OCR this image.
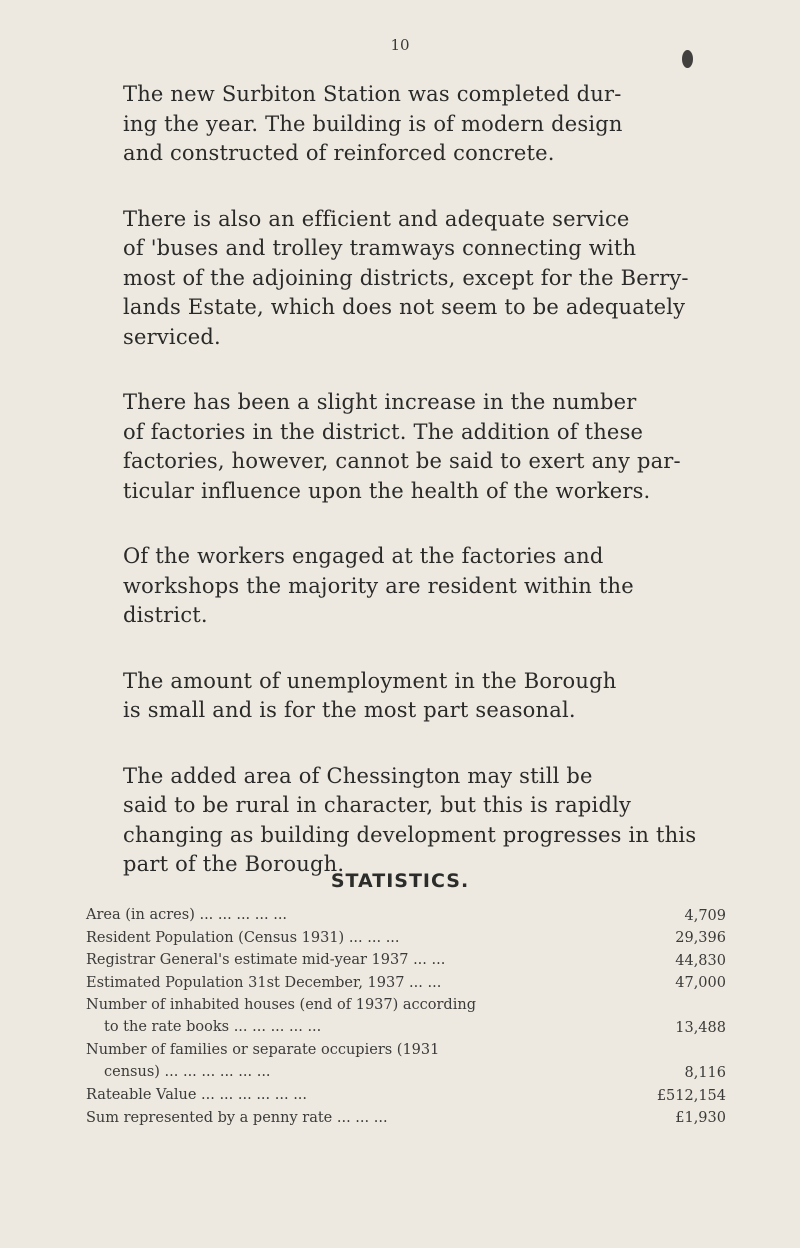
10

The new Surbiton Station was completed dur-
ing the year. The building is of modern design
and constructed of reinforced concrete.

There is also an efficient and adequate service
of 'buses and trolley tramways connecting with
most of the adjoining districts, except for the Berry-
lands Estate, which does not seem to be adequately
serviced.

There has been a slight increase in the number
of factories in the district. The addition of these
factories, however, cannot be said to exert any par-
ticular influence upon the health of the workers.

Of the workers engaged at the factories and
workshops the majority are resident within the
district.

The amount of unemployment in the Borough
is small and is for the most part seasonal.

The added area of Chessington may still be
said to be rural in character, but this is rapidly
changing as building development progresses in this
part of the Borough.

STATISTICS.
Area (in acres) ... ... ... ... ...	4,709
Resident Population (Census 1931) ... ... ...	29,396
Registrar General's estimate mid-year 1937 ... ...	44,830
Estimated Population 31st December, 1937 ... ...	47,000
Number of inhabited houses (end of 1937) according
to the rate books ... ... ... ... ...	13,488
Number of families or separate occupiers (1931
census) ... ... ... ... ... ...	8,116
Rateable Value ... ... ... ... ... ...	£512,154
Sum represented by a penny rate ... ... ...	£1,930
